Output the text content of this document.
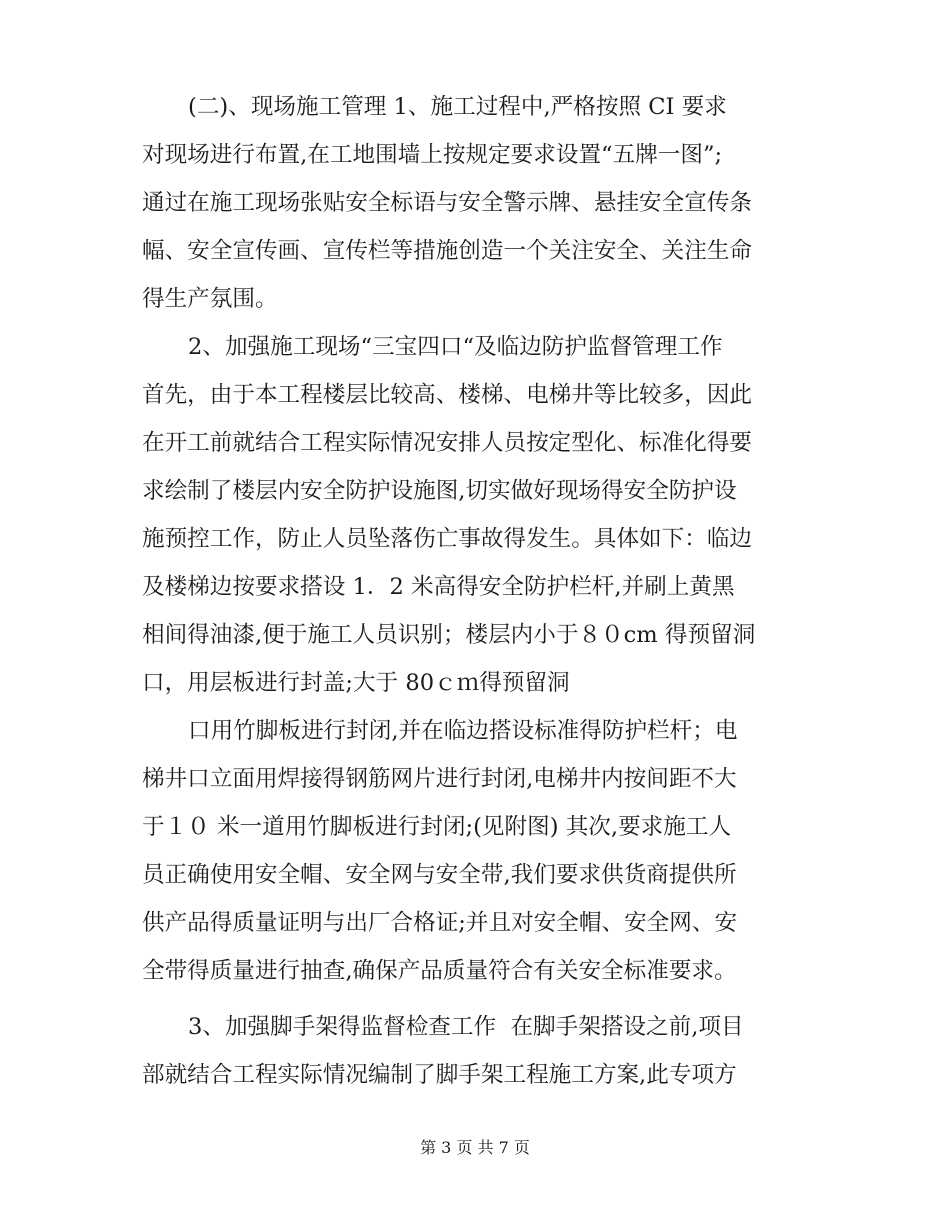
(二)、现场施工管理 1、施工过程中,严格按照 CI 要求
对现场进行布置,在工地围墙上按规定要求设置“五牌一图”;
通过在施工现场张贴安全标语与安全警示牌、悬挂安全宣传条
幅、安全宣传画、宣传栏等措施创造一个关注安全、关注生命
得生产氛围。
2、加强施工现场“三宝四口“及临边防护监督管理工作
首先，由于本工程楼层比较高、楼梯、电梯井等比较多，因此
在开工前就结合工程实际情况安排人员按定型化、标准化得要
求绘制了楼层内安全防护设施图,切实做好现场得安全防护设
施预控工作，防止人员坠落伤亡事故得发生。具体如下：临边
及楼梯边按要求搭设 1．2 米高得安全防护栏杆,并刷上黄黑
相间得油漆,便于施工人员识别；楼层内小于８０cm 得预留洞
口，用层板进行封盖;大于 80ｃｍ得预留洞
口用竹脚板进行封闭,并在临边搭设标准得防护栏杆；电
梯井口立面用焊接得钢筋网片进行封闭,电梯井内按间距不大
于１０ 米一道用竹脚板进行封闭;(见附图) 其次,要求施工人
员正确使用安全帽、安全网与安全带,我们要求供货商提供所
供产品得质量证明与出厂合格证;并且对安全帽、安全网、安
全带得质量进行抽查,确保产品质量符合有关安全标准要求。
3、加强脚手架得监督检查工作  在脚手架搭设之前,项目
部就结合工程实际情况编制了脚手架工程施工方案,此专项方
第 3 页 共 7 页
